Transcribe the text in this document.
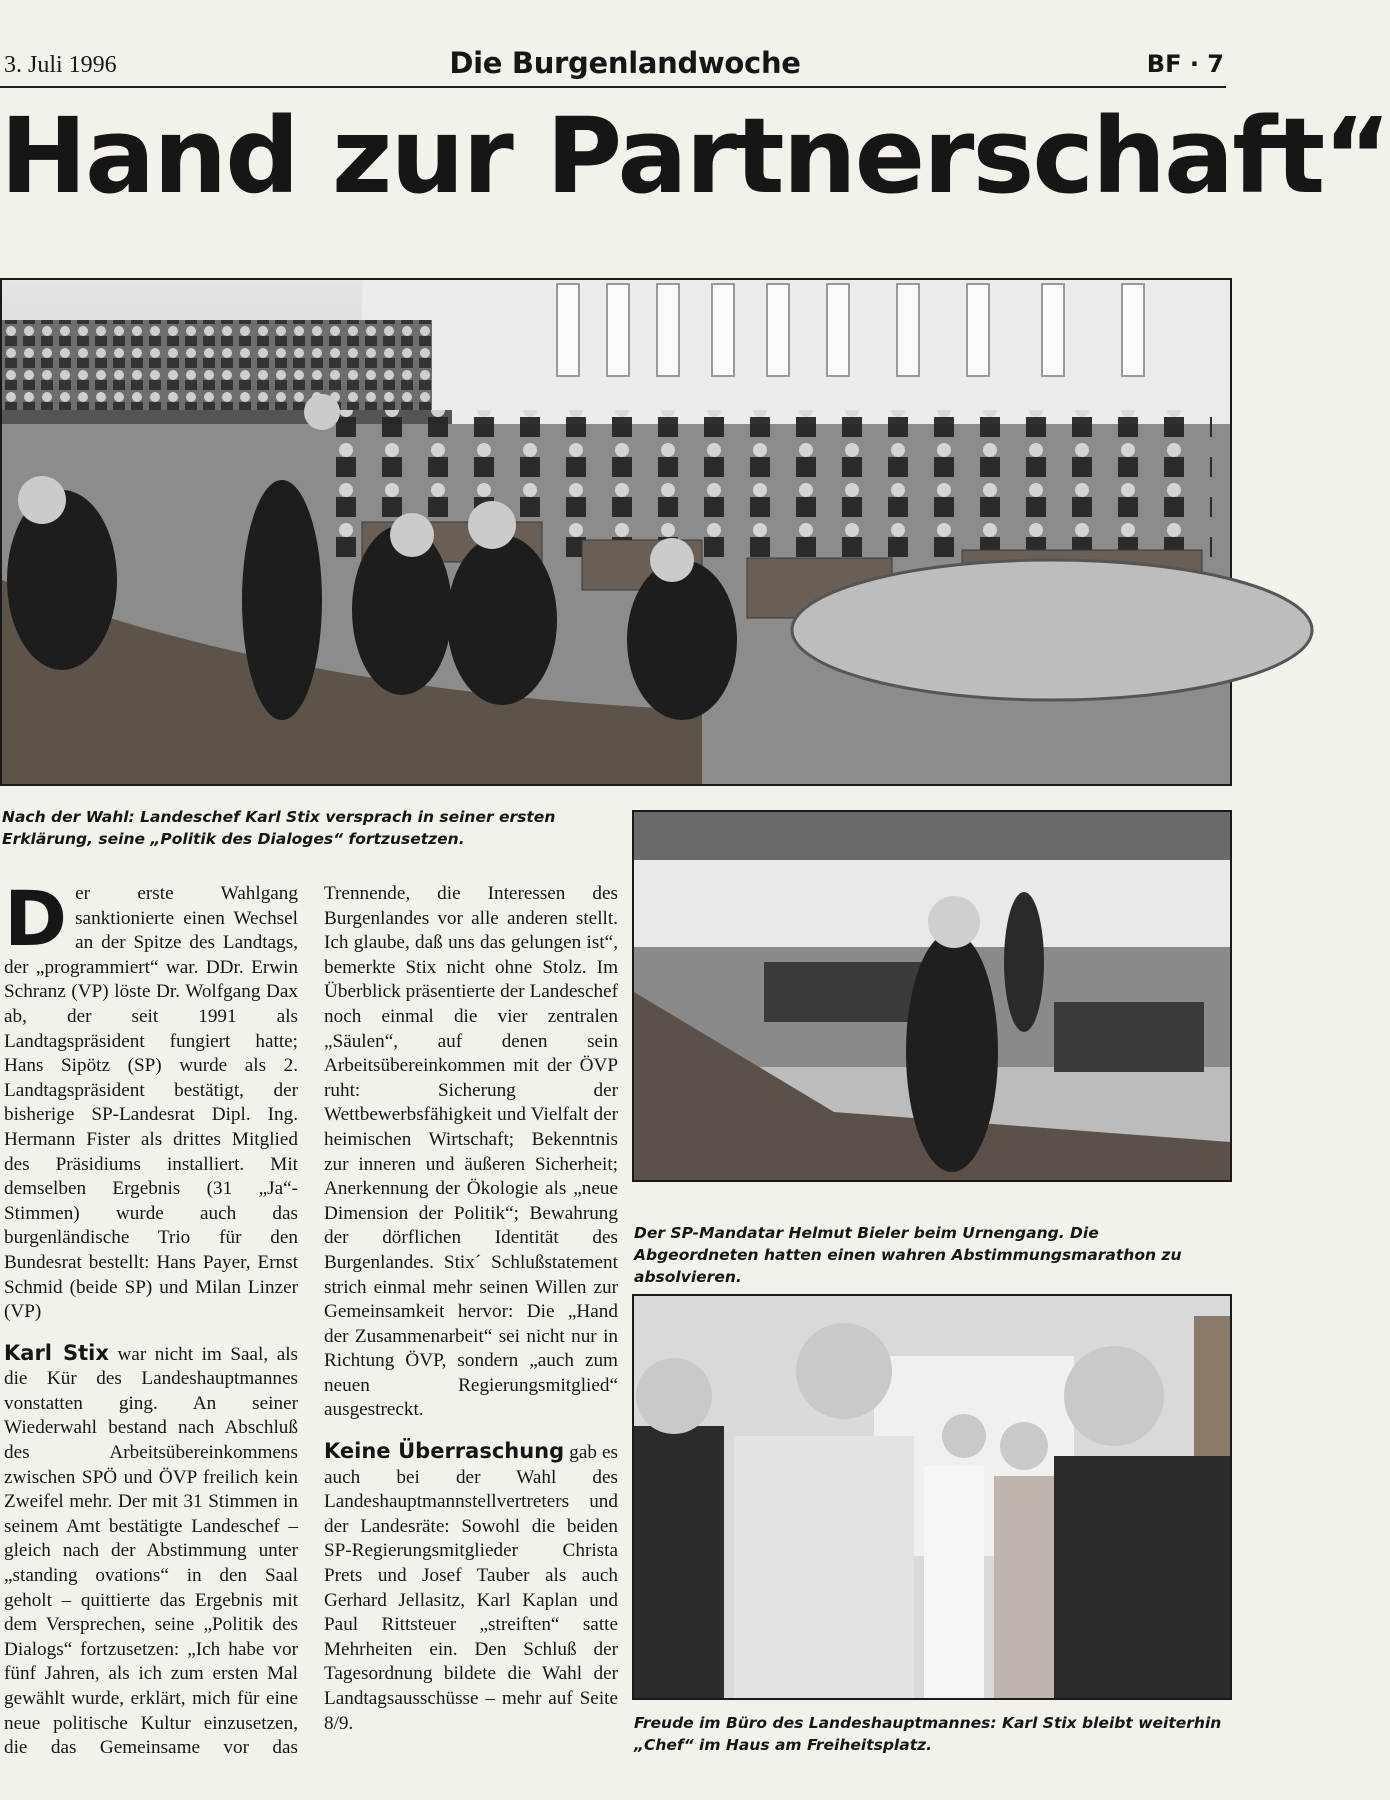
3. Juli 1996	Die Burgenlandwoche	BF · 7
Hand zur Partnerschaft“
Nach der Wahl: Landeschef Karl Stix versprach in seiner ersten Erklärung, seine „Politik des Dialoges“ fortzusetzen.
Der SP-Mandatar Helmut Bieler beim Urnengang. Die Abgeordneten hatten einen wahren Abstimmungsmarathon zu absolvieren.
Freude im Büro des Landeshauptmannes: Karl Stix bleibt weiterhin „Chef“ im Haus am Freiheitsplatz.

Der erste Wahlgang sanktionierte einen Wechsel an der Spitze des Landtags, der „programmiert“ war. DDr. Erwin Schranz (VP) löste Dr. Wolfgang Dax ab, der seit 1991 als Landtagspräsident fungiert hatte; Hans Sipötz (SP) wurde als 2. Landtagspräsident bestätigt, der bisherige SP-Landesrat Dipl. Ing. Hermann Fister als drittes Mitglied des Präsidiums installiert. Mit demselben Ergebnis (31 „Ja“-Stimmen) wurde auch das burgenländische Trio für den Bundesrat bestellt: Hans Payer, Ernst Schmid (beide SP) und Milan Linzer (VP)

Karl Stix war nicht im Saal, als die Kür des Landeshauptmannes vonstatten ging. An seiner Wiederwahl bestand nach Abschluß des Arbeitsübereinkommens zwischen SPÖ und ÖVP freilich kein Zweifel mehr. Der mit 31 Stimmen in seinem Amt bestätigte Landeschef – gleich nach der Abstimmung unter „standing ovations“ in den Saal geholt – quittierte das Ergebnis mit dem Versprechen, seine „Politik des Dialogs“ fortzusetzen: „Ich habe vor fünf Jahren, als ich zum ersten Mal gewählt wurde, erklärt, mich für eine neue politische Kultur einzusetzen, die das Gemeinsame vor das Trennende, die Interessen des Burgenlandes vor alle anderen stellt. Ich glaube, daß uns das gelungen ist“, bemerkte Stix nicht ohne Stolz. Im Überblick präsentierte der Landeschef noch einmal die vier zentralen „Säulen“, auf denen sein Arbeitsübereinkommen mit der ÖVP ruht: Sicherung der Wettbewerbsfähigkeit und Vielfalt der heimischen Wirtschaft; Bekenntnis zur inneren und äußeren Sicherheit; Anerkennung der Ökologie als „neue Dimension der Politik“; Bewahrung der dörflichen Identität des Burgenlandes. Stix´ Schlußstatement strich einmal mehr seinen Willen zur Gemeinsamkeit hervor: Die „Hand der Zusammenarbeit“ sei nicht nur in Richtung ÖVP, sondern „auch zum neuen Regierungsmitglied“ ausgestreckt.

Keine Überraschung gab es auch bei der Wahl des Landeshauptmannstellvertreters und der Landesräte: Sowohl die beiden SP-Regierungsmitglieder Christa Prets und Josef Tauber als auch Gerhard Jellasitz, Karl Kaplan und Paul Rittsteuer „streiften“ satte Mehrheiten ein. Den Schluß der Tagesordnung bildete die Wahl der Landtagsausschüsse – mehr auf Seite 8/9.
